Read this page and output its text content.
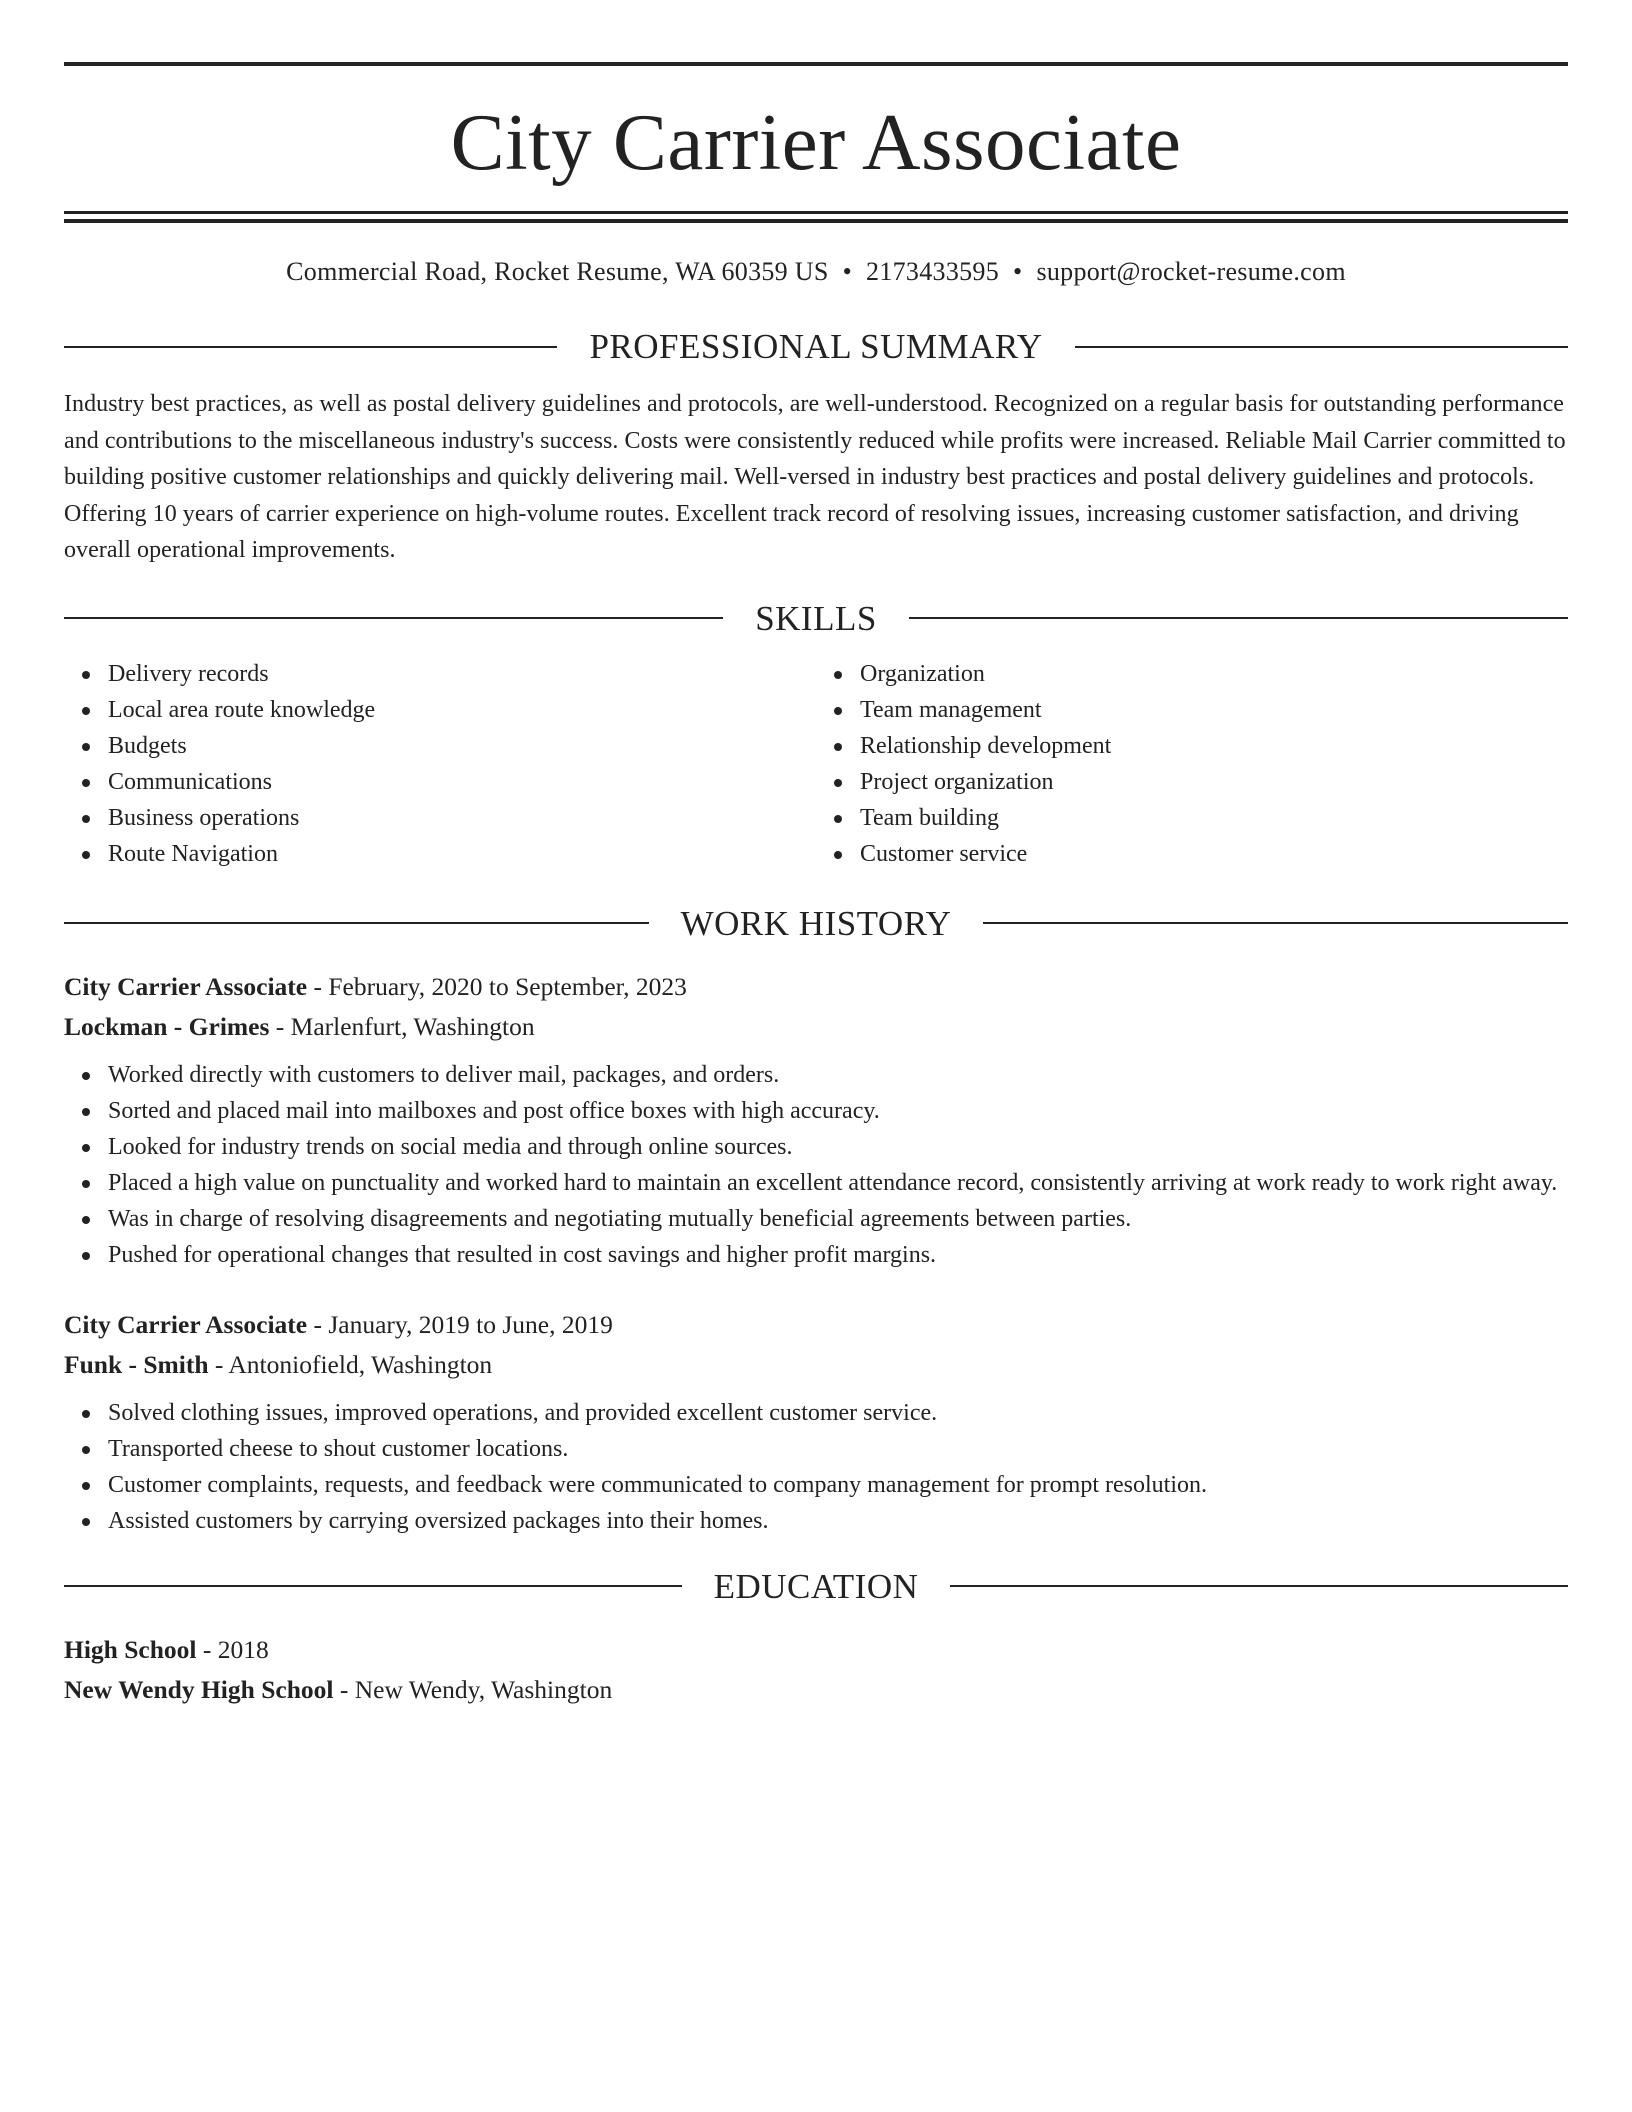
City Carrier Associate
Commercial Road, Rocket Resume, WA 60359 US • 2173433595 • support@rocket-resume.com
PROFESSIONAL SUMMARY
Industry best practices, as well as postal delivery guidelines and protocols, are well-understood. Recognized on a regular basis for outstanding performance and contributions to the miscellaneous industry's success. Costs were consistently reduced while profits were increased. Reliable Mail Carrier committed to building positive customer relationships and quickly delivering mail. Well-versed in industry best practices and postal delivery guidelines and protocols. Offering 10 years of carrier experience on high-volume routes. Excellent track record of resolving issues, increasing customer satisfaction, and driving overall operational improvements.
SKILLS
Delivery records
Local area route knowledge
Budgets
Communications
Business operations
Route Navigation
Organization
Team management
Relationship development
Project organization
Team building
Customer service
WORK HISTORY
City Carrier Associate - February, 2020 to September, 2023
Lockman - Grimes - Marlenfurt, Washington
Worked directly with customers to deliver mail, packages, and orders.
Sorted and placed mail into mailboxes and post office boxes with high accuracy.
Looked for industry trends on social media and through online sources.
Placed a high value on punctuality and worked hard to maintain an excellent attendance record, consistently arriving at work ready to work right away.
Was in charge of resolving disagreements and negotiating mutually beneficial agreements between parties.
Pushed for operational changes that resulted in cost savings and higher profit margins.
City Carrier Associate - January, 2019 to June, 2019
Funk - Smith - Antoniofield, Washington
Solved clothing issues, improved operations, and provided excellent customer service.
Transported cheese to shout customer locations.
Customer complaints, requests, and feedback were communicated to company management for prompt resolution.
Assisted customers by carrying oversized packages into their homes.
EDUCATION
High School - 2018
New Wendy High School - New Wendy, Washington
